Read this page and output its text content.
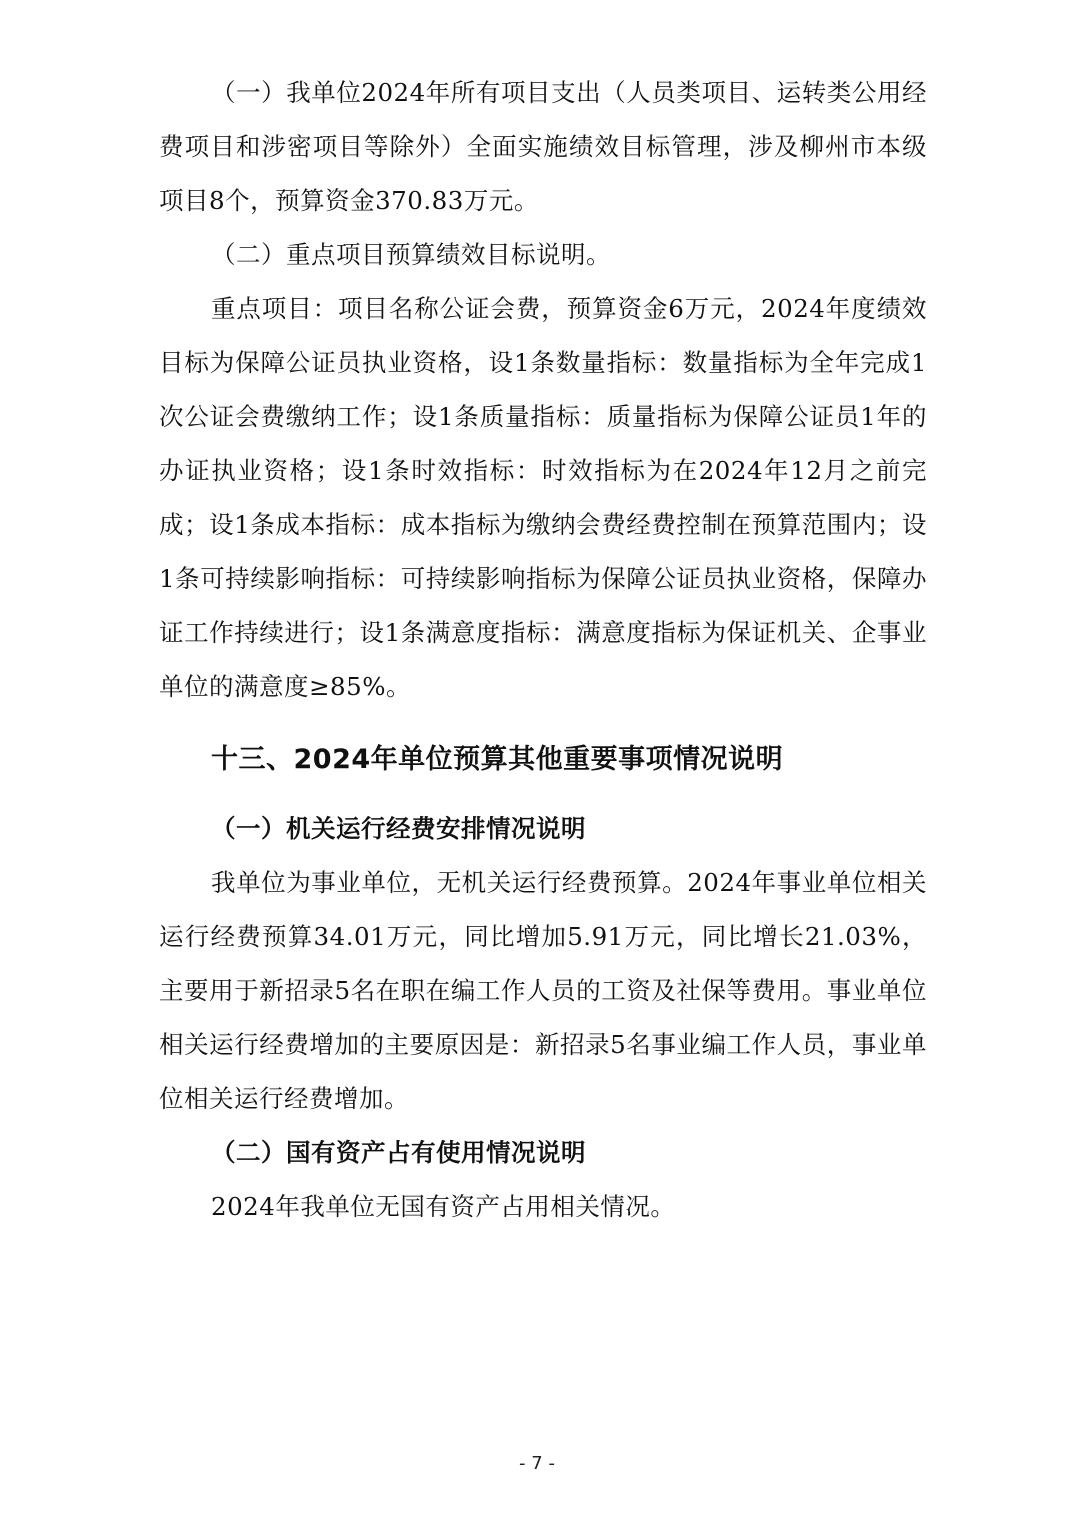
（一）我单位2024年所有项目支出（人员类项目、运转类公用经费项目和涉密项目等除外）全面实施绩效目标管理，涉及柳州市本级项目8个，预算资金370.83万元。

（二）重点项目预算绩效目标说明。

重点项目：项目名称公证会费，预算资金6万元，2024年度绩效目标为保障公证员执业资格，设1条数量指标：数量指标为全年完成1次公证会费缴纳工作；设1条质量指标：质量指标为保障公证员1年的办证执业资格；设1条时效指标：时效指标为在2024年12月之前完成；设1条成本指标：成本指标为缴纳会费经费控制在预算范围内；设1条可持续影响指标：可持续影响指标为保障公证员执业资格，保障办证工作持续进行；设1条满意度指标：满意度指标为保证机关、企事业单位的满意度≥85%。

十三、2024年单位预算其他重要事项情况说明
（一）机关运行经费安排情况说明

我单位为事业单位，无机关运行经费预算。2024年事业单位相关运行经费预算34.01万元，同比增加5.91万元，同比增长21.03%，主要用于新招录5名在职在编工作人员的工资及社保等费用。事业单位相关运行经费增加的主要原因是：新招录5名事业编工作人员，事业单位相关运行经费增加。

（二）国有资产占有使用情况说明

2024年我单位无国有资产占用相关情况。

- 7 -
